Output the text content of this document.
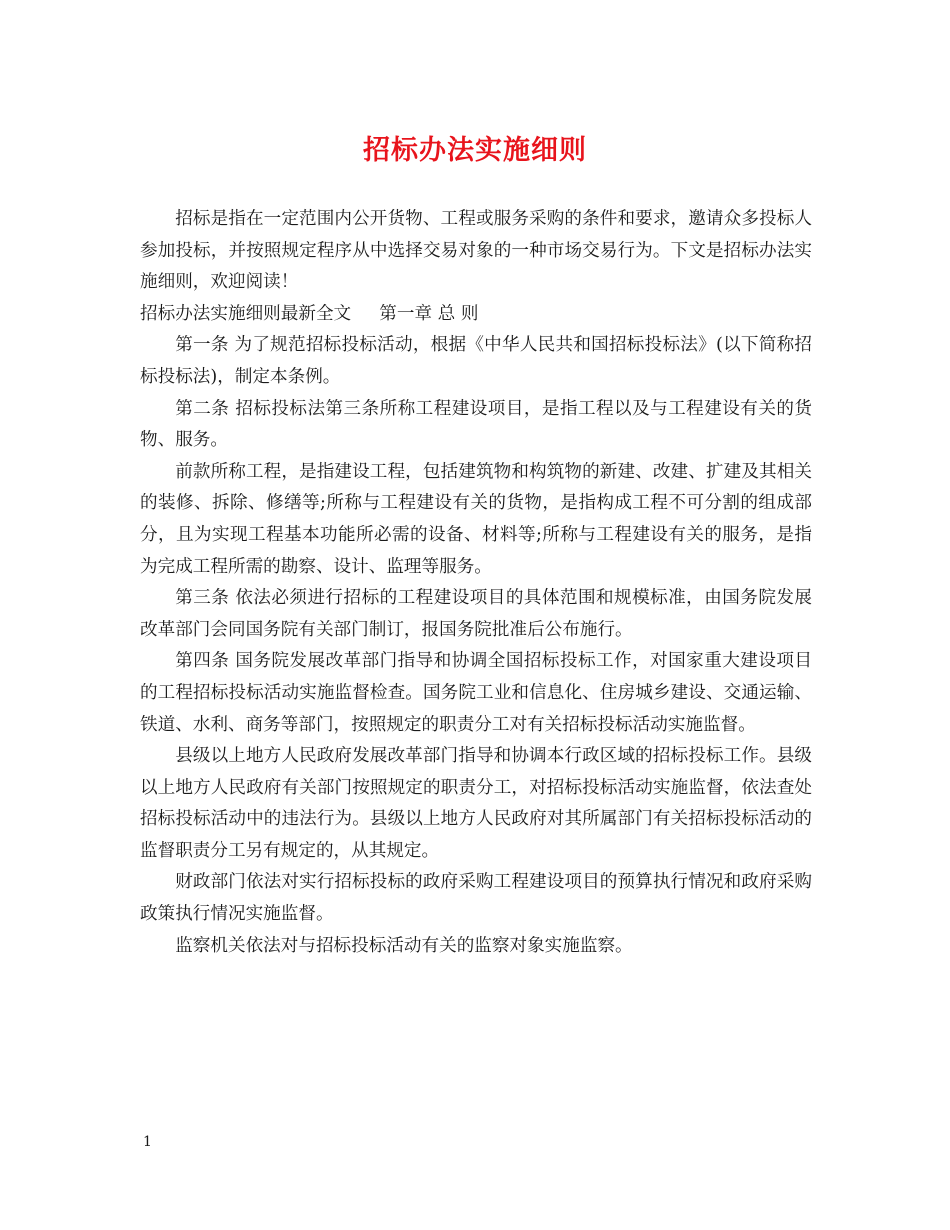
招标办法实施细则

招标是指在一定范围内公开货物、工程或服务采购的条件和要求，邀请众多投标人参加投标，并按照规定程序从中选择交易对象的一种市场交易行为。下文是招标办法实施细则，欢迎阅读！

招标办法实施细则最新全文 第一章 总 则

第一条 为了规范招标投标活动，根据《中华人民共和国招标投标法》(以下简称招标投标法)，制定本条例。

第二条 招标投标法第三条所称工程建设项目，是指工程以及与工程建设有关的货物、服务。

前款所称工程，是指建设工程，包括建筑物和构筑物的新建、改建、扩建及其相关的装修、拆除、修缮等;所称与工程建设有关的货物，是指构成工程不可分割的组成部分，且为实现工程基本功能所必需的设备、材料等;所称与工程建设有关的服务，是指为完成工程所需的勘察、设计、监理等服务。

第三条 依法必须进行招标的工程建设项目的具体范围和规模标准，由国务院发展改革部门会同国务院有关部门制订，报国务院批准后公布施行。

第四条 国务院发展改革部门指导和协调全国招标投标工作，对国家重大建设项目的工程招标投标活动实施监督检查。国务院工业和信息化、住房城乡建设、交通运输、铁道、水利、商务等部门，按照规定的职责分工对有关招标投标活动实施监督。

县级以上地方人民政府发展改革部门指导和协调本行政区域的招标投标工作。县级以上地方人民政府有关部门按照规定的职责分工，对招标投标活动实施监督，依法查处招标投标活动中的违法行为。县级以上地方人民政府对其所属部门有关招标投标活动的监督职责分工另有规定的，从其规定。

财政部门依法对实行招标投标的政府采购工程建设项目的预算执行情况和政府采购政策执行情况实施监督。

监察机关依法对与招标投标活动有关的监察对象实施监察。

1
